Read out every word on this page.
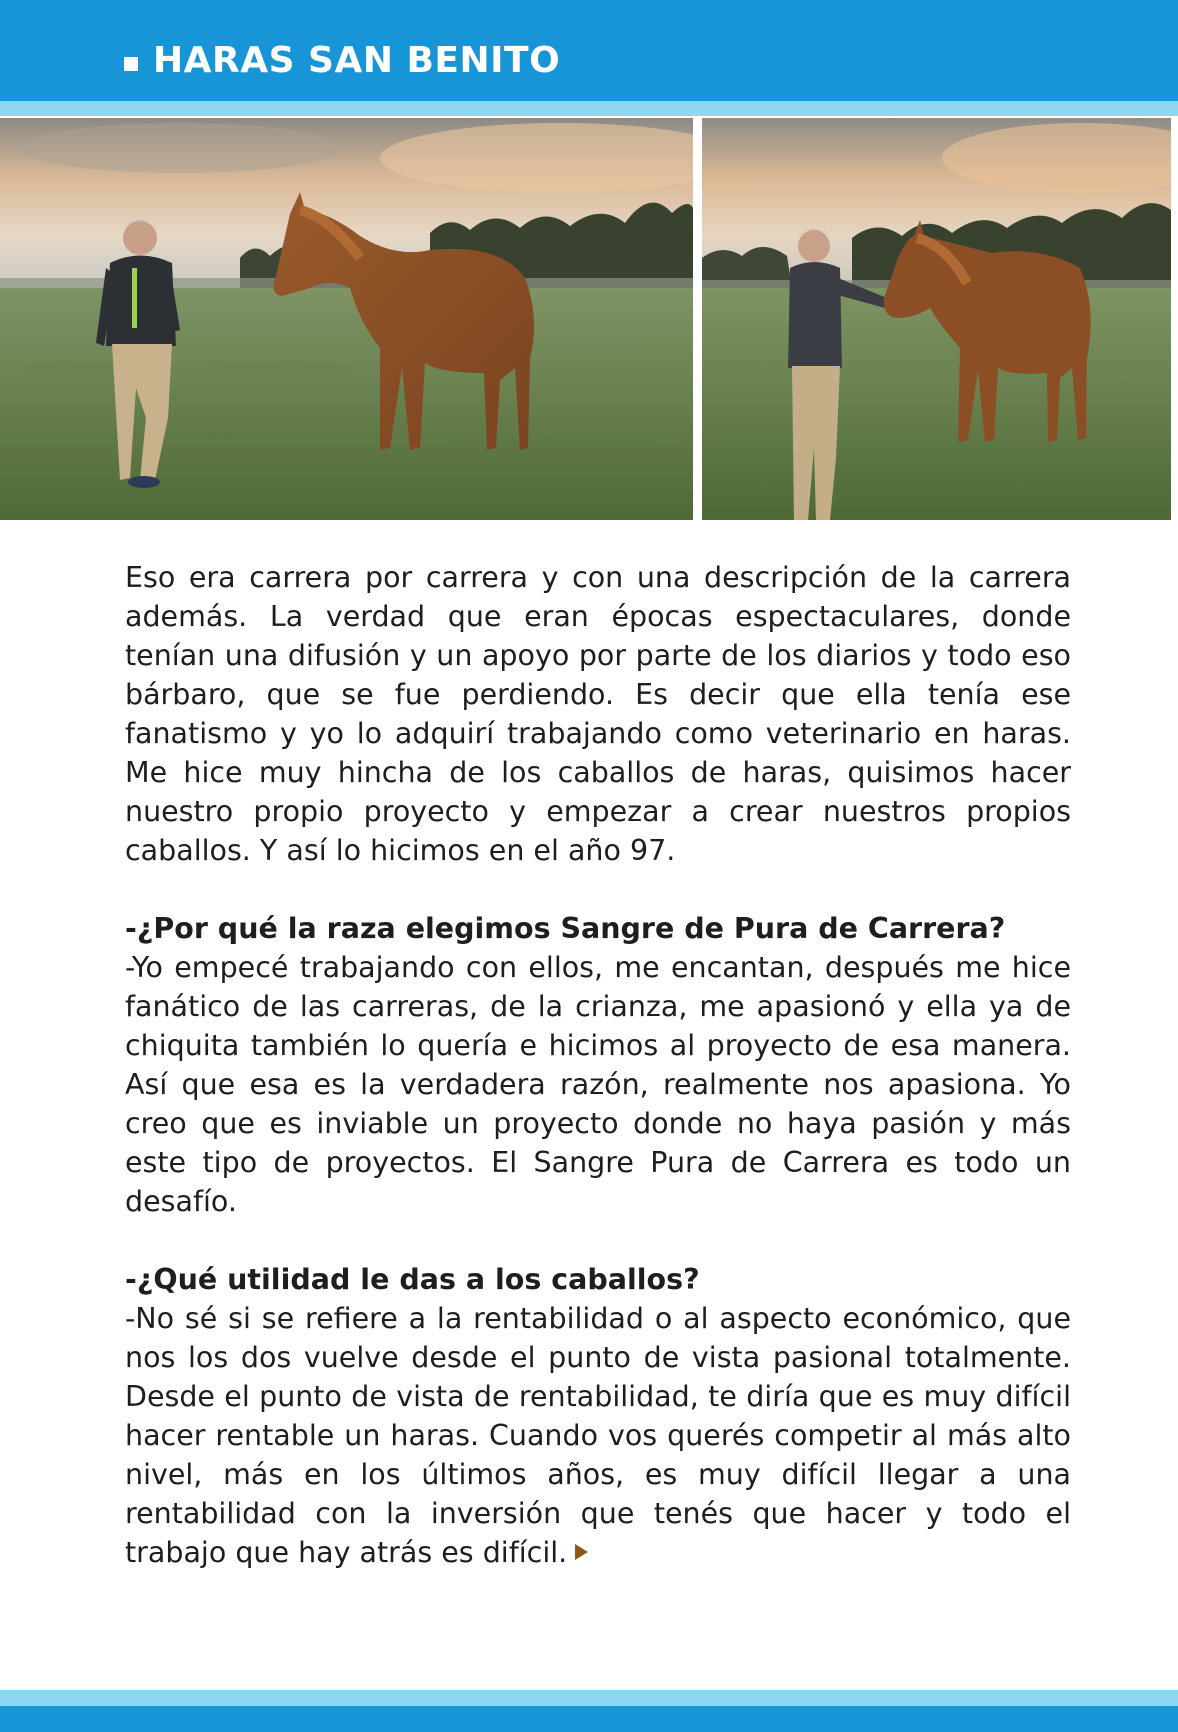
HARAS SAN BENITO

Eso era carrera por carrera y con una descripción de la carrera además. La verdad que eran épocas espectaculares, donde tenían una difusión y un apoyo por parte de los diarios y todo eso bárbaro, que se fue perdiendo. Es decir que ella tenía ese fanatismo y yo lo adquirí trabajando como veterinario en haras. Me hice muy hincha de los caballos de haras, quisimos hacer nuestro propio proyecto y empezar a crear nuestros propios caballos. Y así lo hicimos en el año 97.

-¿Por qué la raza elegimos Sangre de Pura de Carrera?

-Yo empecé trabajando con ellos, me encantan, después me hice fanático de las carreras, de la crianza, me apasionó y ella ya de chiquita también lo quería e hicimos al proyecto de esa manera. Así que esa es la verdadera razón, realmente nos apasiona. Yo creo que es inviable un proyecto donde no haya pasión y más este tipo de proyectos. El Sangre Pura de Carrera es todo un desafío.

-¿Qué utilidad le das a los caballos?

-No sé si se refiere a la rentabilidad o al aspecto económico, que nos los dos vuelve desde el punto de vista pasional totalmente. Desde el punto de vista de rentabilidad, te diría que es muy difícil hacer rentable un haras. Cuando vos querés competir al más alto nivel, más en los últimos años, es muy difícil llegar a una rentabilidad con la inversión que tenés que hacer y todo el trabajo que hay atrás es difícil.
